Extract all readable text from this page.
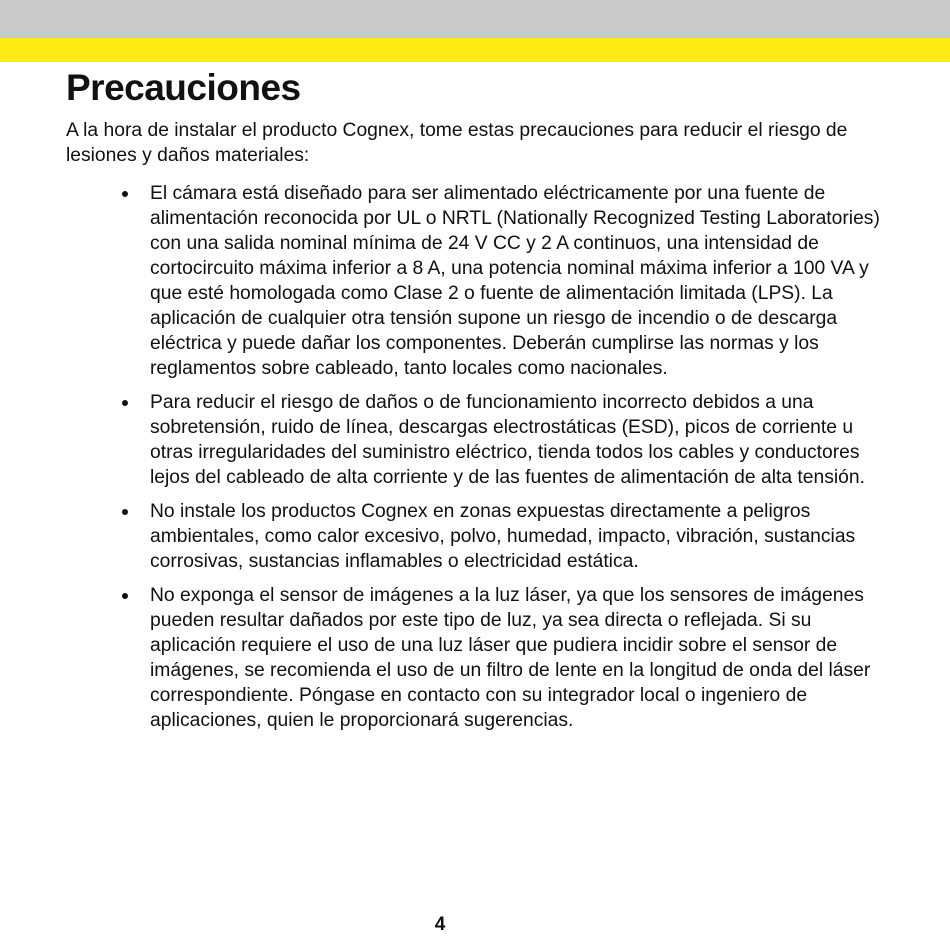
Precauciones

A la hora de instalar el producto Cognex, tome estas precauciones para reducir el riesgo de lesiones y daños materiales:

El cámara está diseñado para ser alimentado eléctricamente por una fuente de alimentación reconocida por UL o NRTL (Nationally Recognized Testing Laboratories) con una salida nominal mínima de 24 V CC y 2 A continuos, una intensidad de cortocircuito máxima inferior a 8 A, una potencia nominal máxima inferior a 100 VA y que esté homologada como Clase 2 o fuente de alimentación limitada (LPS). La aplicación de cualquier otra tensión supone un riesgo de incendio o de descarga eléctrica y puede dañar los componentes. Deberán cumplirse las normas y los reglamentos sobre cableado, tanto locales como nacionales.
Para reducir el riesgo de daños o de funcionamiento incorrecto debidos a una sobretensión, ruido de línea, descargas electrostáticas (ESD), picos de corriente u otras irregularidades del suministro eléctrico, tienda todos los cables y conductores lejos del cableado de alta corriente y de las fuentes de alimentación de alta tensión.
No instale los productos Cognex en zonas expuestas directamente a peligros ambientales, como calor excesivo, polvo, humedad, impacto, vibración, sustancias corrosivas, sustancias inflamables o electricidad estática.
No exponga el sensor de imágenes a la luz láser, ya que los sensores de imágenes pueden resultar dañados por este tipo de luz, ya sea directa o reflejada. Si su aplicación requiere el uso de una luz láser que pudiera incidir sobre el sensor de imágenes, se recomienda el uso de un filtro de lente en la longitud de onda del láser correspondiente. Póngase en contacto con su integrador local o ingeniero de aplicaciones, quien le proporcionará sugerencias.
4
